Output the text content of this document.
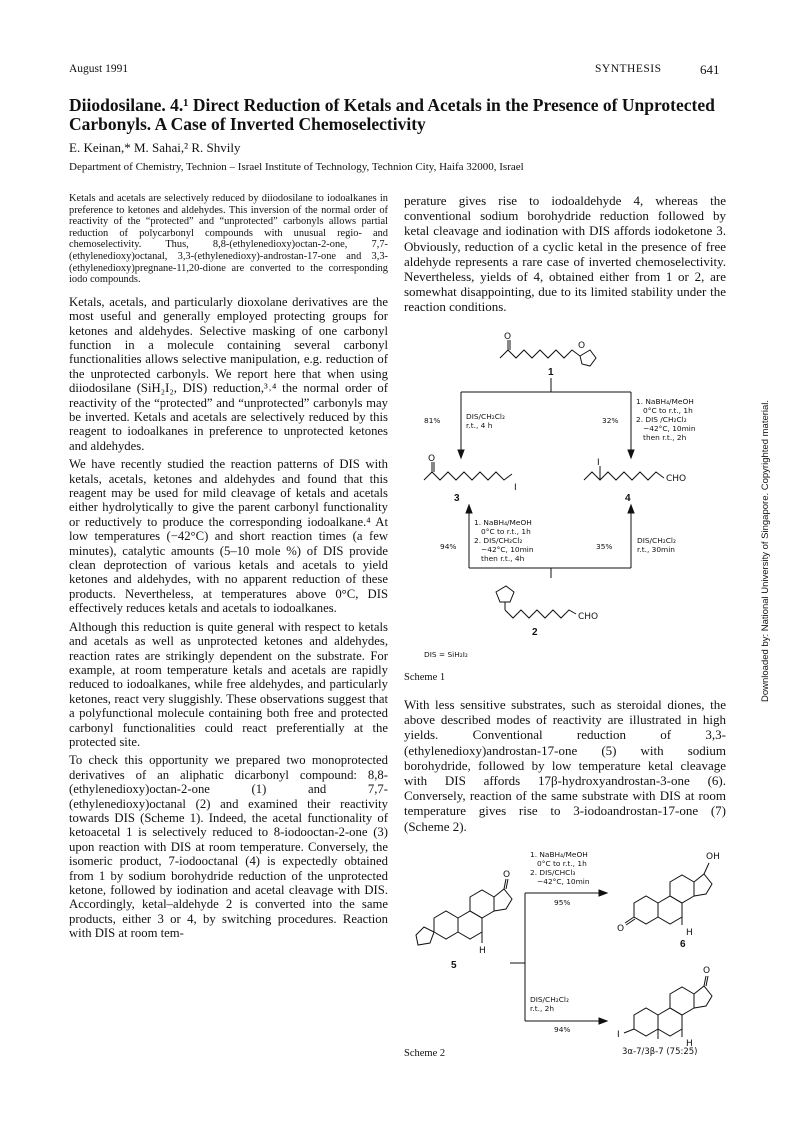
August 1991	SYNTHESIS	641
Diiodosilane. 4.¹ Direct Reduction of Ketals and Acetals in the Presence of Unprotected Carbonyls. A Case of Inverted Chemoselectivity
E. Keinan,* M. Sahai,² R. Shvily
Department of Chemistry, Technion – Israel Institute of Technology, Technion City, Haifa 32000, Israel

Ketals and acetals are selectively reduced by diiodosilane to iodoalkanes in preference to ketones and aldehydes. This inversion of the normal order of reactivity of the “protected” and “unprotected” carbonyls allows partial reduction of polycarbonyl compounds with unusual regio- and chemoselectivity. Thus, 8,8-(ethylenedioxy)octan-2-one, 7,7-(ethylenedioxy)octanal, 3,3-(ethylenedioxy)-androstan-17-one and 3,3-(ethylenedioxy)pregnane-11,20-dione are converted to the corresponding iodo compounds.

Ketals, acetals, and particularly dioxolane derivatives are the most useful and generally employed protecting groups for ketones and aldehydes. Selective masking of one carbonyl function in a molecule containing several carbonyl functionalities allows selective manipulation, e.g. reduction of the unprotected carbonyls. We report here that when using diiodosilane (SiH₂I₂, DIS) reduction,³˒⁴ the normal order of reactivity of the “protected” and “unprotected” carbonyls may be inverted. Ketals and acetals are selectively reduced by this reagent to iodoalkanes in preference to unprotected ketones and aldehydes.

We have recently studied the reaction patterns of DIS with ketals, acetals, ketones and aldehydes and found that this reagent may be used for mild cleavage of ketals and acetals either hydrolytically to give the parent carbonyl functionality or reductively to produce the corresponding iodoalkane.⁴ At low temperatures (−42°C) and short reaction times (a few minutes), catalytic amounts (5–10 mole %) of DIS provide clean deprotection of various ketals and acetals to yield ketones and aldehydes, with no apparent reduction of these products. Nevertheless, at temperatures above 0°C, DIS effectively reduces ketals and acetals to iodoalkanes.

Although this reduction is quite general with respect to ketals and acetals as well as unprotected ketones and aldehydes, reaction rates are strikingly dependent on the substrate. For example, at room temperature ketals and acetals are rapidly reduced to iodoalkanes, while free aldehydes, and particularly ketones, react very sluggishly. These observations suggest that a polyfunctional molecule containing both free and protected carbonyl functionalities could react preferentially at the protected site.

To check this opportunity we prepared two monoprotected derivatives of an aliphatic dicarbonyl compound: 8,8-(ethylenedioxy)octan-2-one (1) and 7,7-(ethylenedioxy)octanal (2) and examined their reactivity towards DIS (Scheme 1). Indeed, the acetal functionality of ketoacetal 1 is selectively reduced to 8-iodooctan-2-one (3) upon reaction with DIS at room temperature. Conversely, the isomeric product, 7-iodooctanal (4) is expectedly obtained from 1 by sodium borohydride reduction of the unprotected ketone, followed by iodination and acetal cleavage with DIS. Accordingly, ketal–aldehyde 2 is converted into the same products, either 3 or 4, by switching procedures. Reaction with DIS at room tem-

perature gives rise to iodoaldehyde 4, whereas the conventional sodium borohydride reduction followed by ketal cleavage and iodination with DIS affords iodoketone 3. Obviously, reduction of a cyclic ketal in the presence of free aldehyde represents a rare case of inverted chemoselectivity. Nevertheless, yields of 4, obtained either from 1 or 2, are somewhat disappointing, due to its limited stability under the reaction conditions.

O
O
O
I
I
CHO
CHO
1
3	4
2
81%	DIS/CH₂Cl₂
r.t., 4 h
32%
1. NaBH₄/MeOH
0°C to r.t., 1h
2. DIS /CH₂Cl₂
−42°C, 10min
then r.t., 2h
94%
1. NaBH₄/MeOH
0°C to r.t., 1h
2. DIS/CH₂Cl₂
−42°C, 10min
then r.t., 4h
35%
DIS/CH₂Cl₂
r.t., 30min
DIS = SiH₂I₂
Scheme 1

With less sensitive substrates, such as steroidal diones, the above described modes of reactivity are illustrated in high yields. Conventional reduction of 3,3-(ethylenedioxy)androstan-17-one (5) with sodium borohydride, followed by low temperature ketal cleavage with DIS affords 17β-hydroxyandrostan-3-one (6). Conversely, reaction of the same substrate with DIS at room temperature gives rise to 3-iodoandrostan-17-one (7) (Scheme 2).

O
H
OH
O	H
O
I
H
5
6
1. NaBH₄/MeOH
0°C to r.t., 1h
2. DIS/CHCl₃
−42°C, 10min
95%
DIS/CH₂Cl₂
r.t., 2h
94%
3α-7/3β-7 (75:25)
Scheme 2
Downloaded by: National University of Singapore. Copyrighted material.
